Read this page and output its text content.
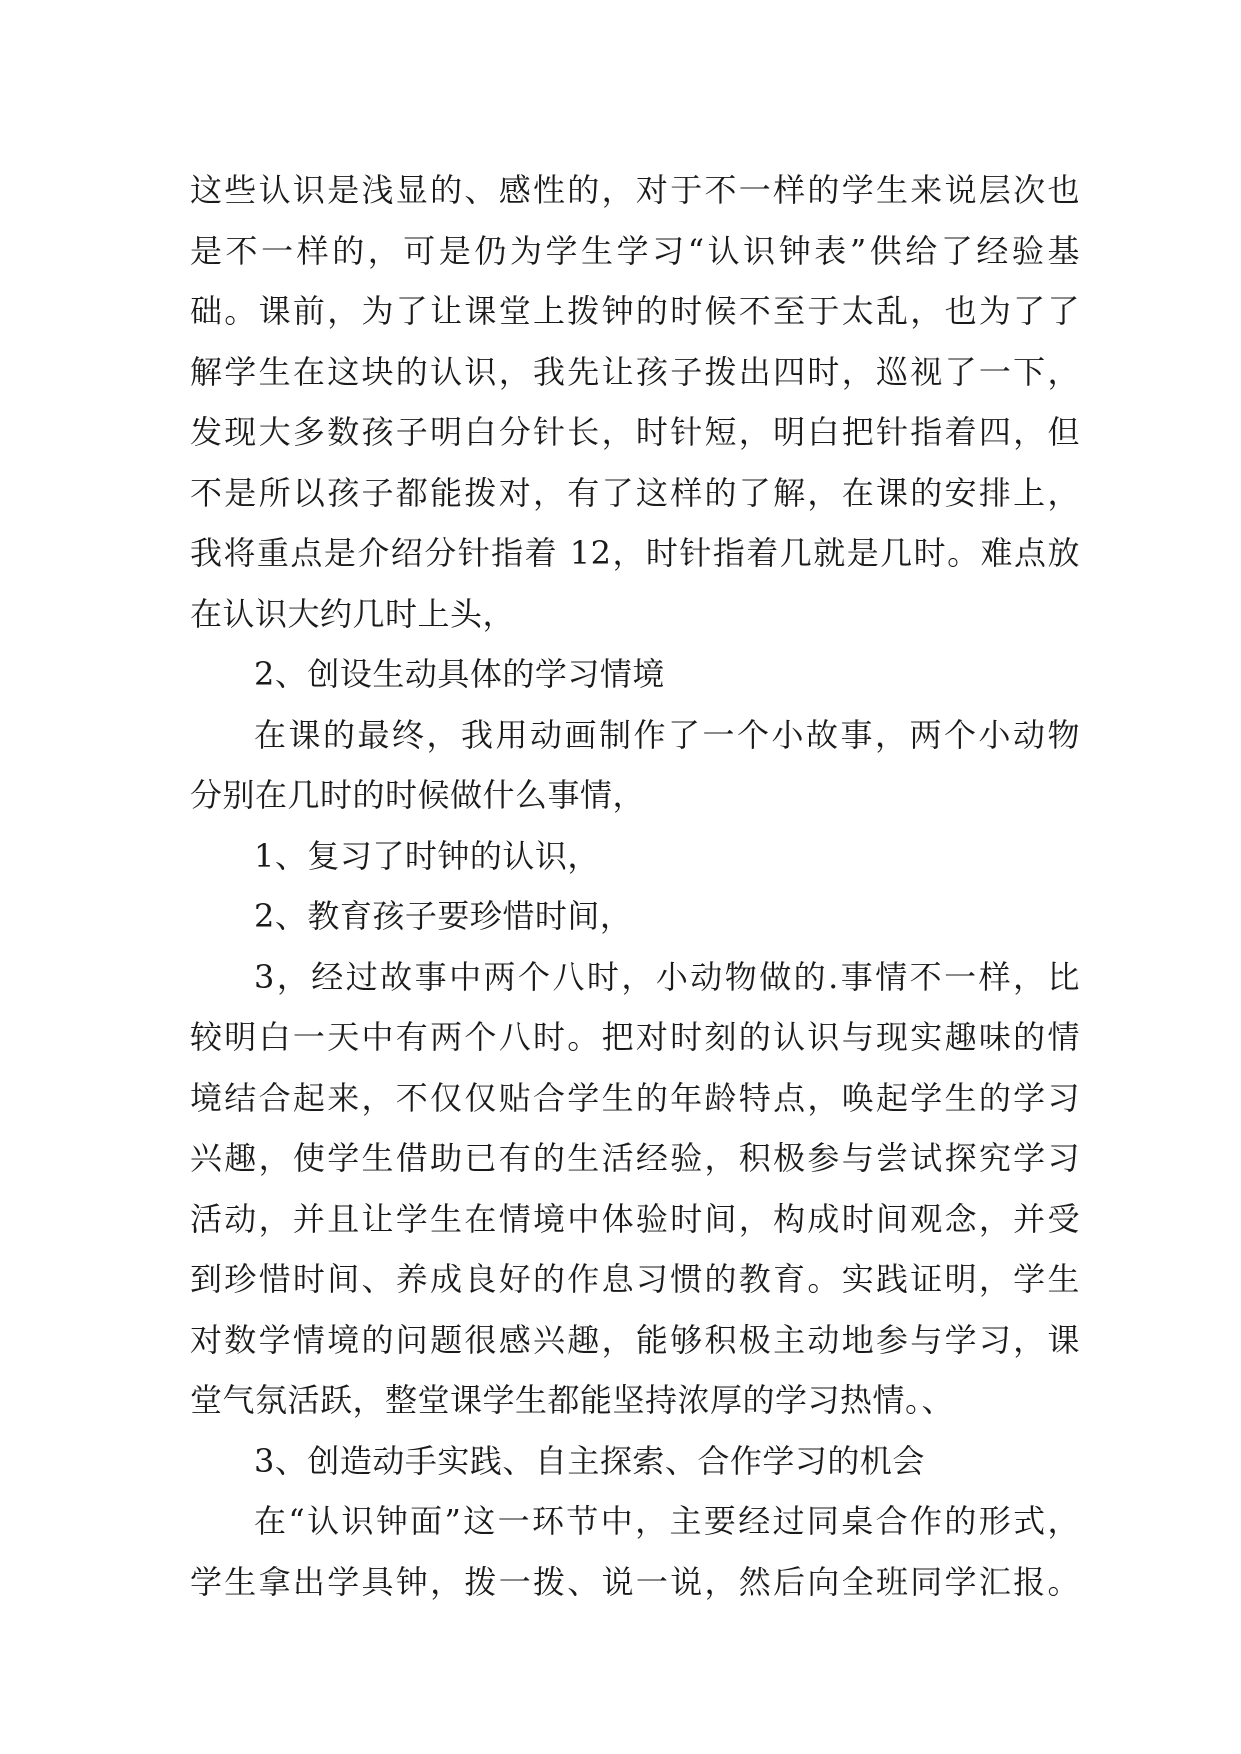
这些认识是浅显的、感性的，对于不一样的学生来说层次也
是不一样的，可是仍为学生学习“认识钟表”供给了经验基
础。课前，为了让课堂上拨钟的时候不至于太乱，也为了了
解学生在这块的认识，我先让孩子拨出四时，巡视了一下，
发现大多数孩子明白分针长，时针短，明白把针指着四，但
不是所以孩子都能拨对，有了这样的了解，在课的安排上，
我将重点是介绍分针指着 12，时针指着几就是几时。难点放
在认识大约几时上头，
2、创设生动具体的学习情境
在课的最终，我用动画制作了一个小故事，两个小动物
分别在几时的时候做什么事情，
1、复习了时钟的认识，
2、教育孩子要珍惜时间，
3，经过故事中两个八时，小动物做的.事情不一样，比
较明白一天中有两个八时。把对时刻的认识与现实趣味的情
境结合起来，不仅仅贴合学生的年龄特点，唤起学生的学习
兴趣，使学生借助已有的生活经验，积极参与尝试探究学习
活动，并且让学生在情境中体验时间，构成时间观念，并受
到珍惜时间、养成良好的作息习惯的教育。实践证明，学生
对数学情境的问题很感兴趣，能够积极主动地参与学习，课
堂气氛活跃，整堂课学生都能坚持浓厚的学习热情。、
3、创造动手实践、自主探索、合作学习的机会
在“认识钟面”这一环节中，主要经过同桌合作的形式，
学生拿出学具钟，拨一拨、说一说，然后向全班同学汇报。
